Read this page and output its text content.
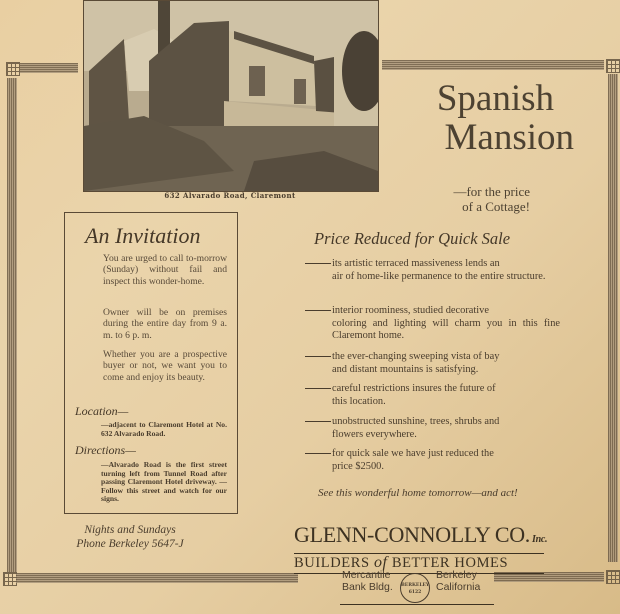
632 Alvarado Road, Claremont
Spanish
Mansion
—for the price
of a Cottage!
An Invitation
You are urged to call to-morrow (Sunday) without fail and inspect this wonder-home.
Owner will be on premises during the entire day from 9 a. m. to 6 p. m.
Whether you are a prospective buyer or not, we want you to come and enjoy its beauty.
Location—
—adjacent to Claremont Hotel at No. 632 Alvarado Road.
Directions—
—Alvarado Road is the first street turning left from Tunnel Road after passing Claremont Hotel driveway. —Follow this street and watch for our signs.
Nights and Sundays
Phone Berkeley 5647-J
Price Reduced for Quick Sale
its artistic terraced massiveness lends an
air of home-like permanence to the entire structure.
interior roominess, studied decorative
coloring and lighting will charm you in this fine Claremont home.
the ever-changing sweeping vista of bay
and distant mountains is satisfying.
careful restrictions insures the future of
this location.
unobstructed sunshine, trees, shrubs and
flowers everywhere.
for quick sale we have just reduced the
price $2500.
See this wonderful home tomorrow—and act!
GLENN-CONNOLLY CO. Inc.
BUILDERS of BETTER HOMES
Mercantile
Bank Bldg. BERKELEY
6122
Berkeley
California
